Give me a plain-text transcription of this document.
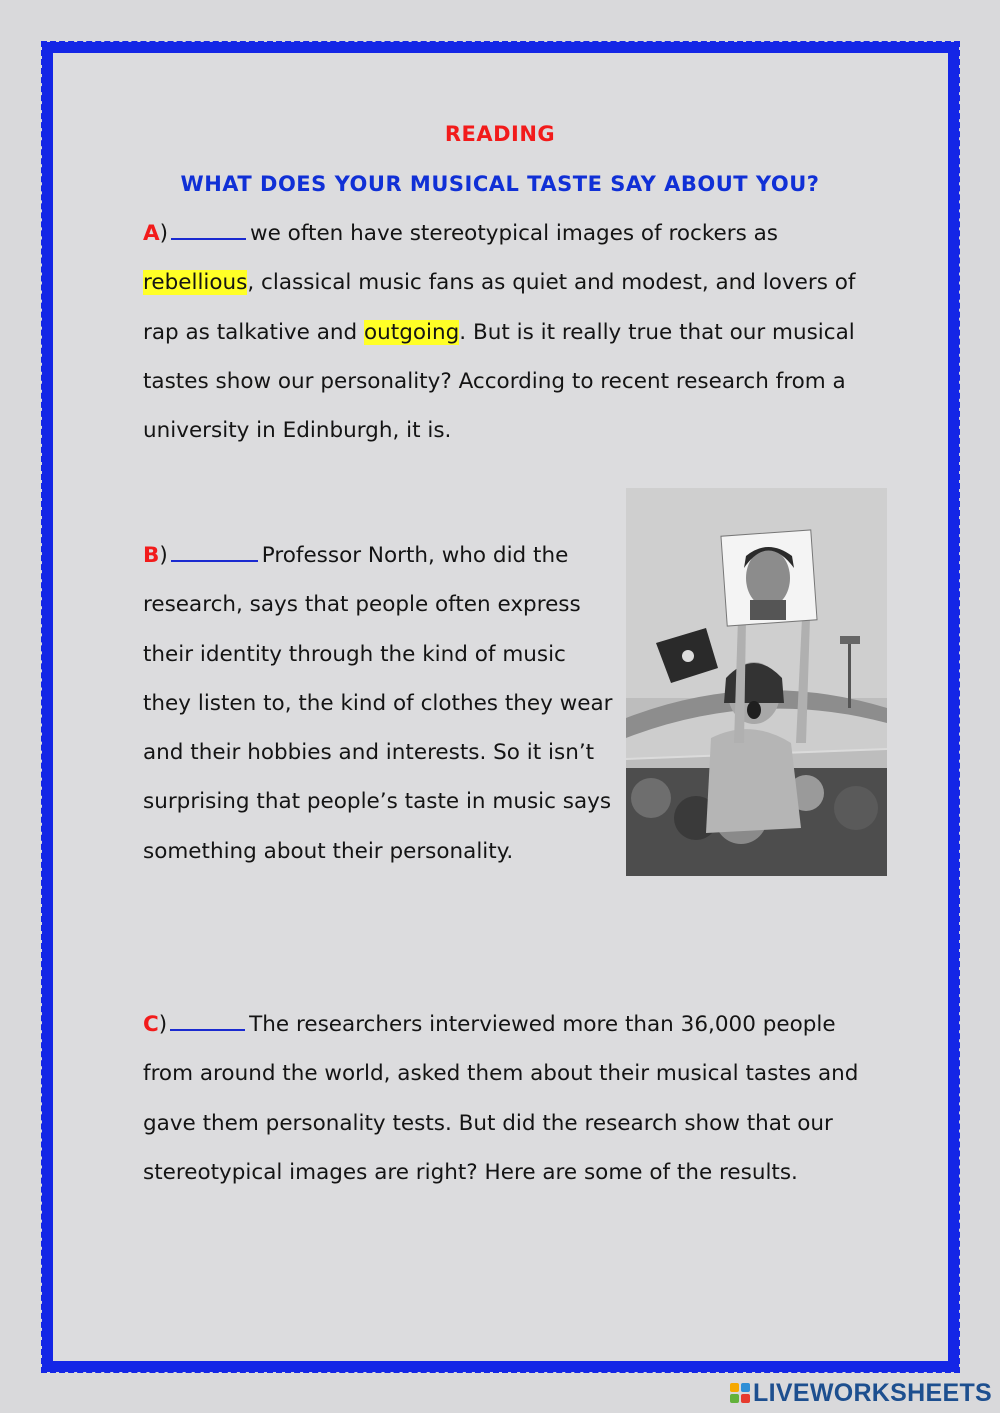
READING
WHAT DOES YOUR MUSICAL TASTE SAY ABOUT YOU?
A)	we often have stereotypical images of rockers as rebellious, classical music fans as quiet and modest, and lovers of rap as talkative and outgoing. But is it really true that our musical tastes show our personality? According to recent research from a university in Edinburgh, it is.
B)	Professor North, who did the research, says that people often express their identity through the kind of music they listen to, the kind of clothes they wear and their hobbies and interests. So it isn’t surprising that people’s taste in music says something about their personality.
C)	The researchers interviewed more than 36,000 people from around the world, asked them about their musical tastes and gave them personality tests. But did the research show that our stereotypical images are right? Here are some of the results.
LIVEWORKSHEETS
